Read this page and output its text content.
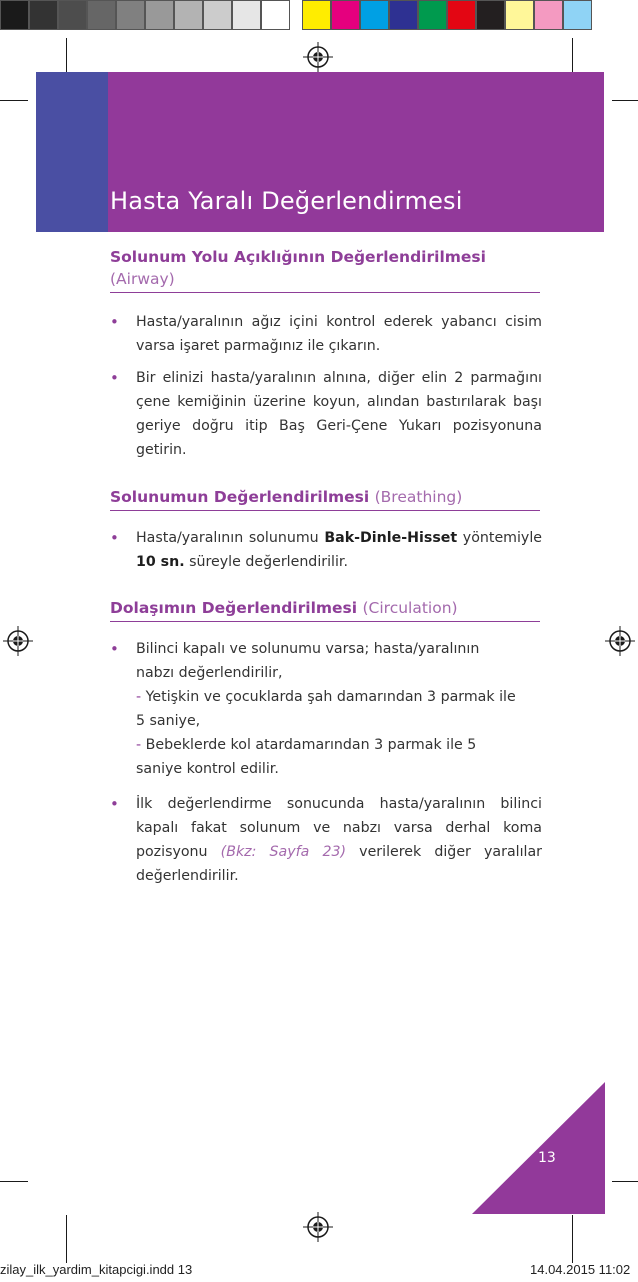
Hasta Yaralı Değerlendirmesi
Solunum Yolu Açıklığının Değerlendirilmesi
(Airway)
• Hasta/yaralının ağız içini kontrol ederek yabancı cisim varsa işaret parmağınız ile çıkarın.
• Bir elinizi hasta/yaralının alnına, diğer elin 2 parmağını çene kemiğinin üzerine koyun, alından bastırılarak başı geriye doğru itip Baş Geri-Çene Yukarı pozisyonuna getirin.
Solunumun Değerlendirilmesi (Breathing)
• Hasta/yaralının solunumu Bak-Dinle-Hisset yöntemiyle 10 sn. süreyle değerlendirilir.
Dolaşımın Değerlendirilmesi (Circulation)
• Bilinci kapalı ve solunumu varsa; hasta/yaralının nabzı değerlendirilir,
- Yetişkin ve çocuklarda şah damarından 3 parmak ile 5 saniye,
- Bebeklerde kol atardamarından 3 parmak ile 5 saniye kontrol edilir.
• İlk değerlendirme sonucunda hasta/yaralının bilinci kapalı fakat solunum ve nabzı varsa derhal koma pozisyonu (Bkz: Sayfa 23) verilerek diğer yaralılar değerlendirilir.
13
zilay_ilk_yardim_kitapcigi.indd 13	14.04.2015 11:02
